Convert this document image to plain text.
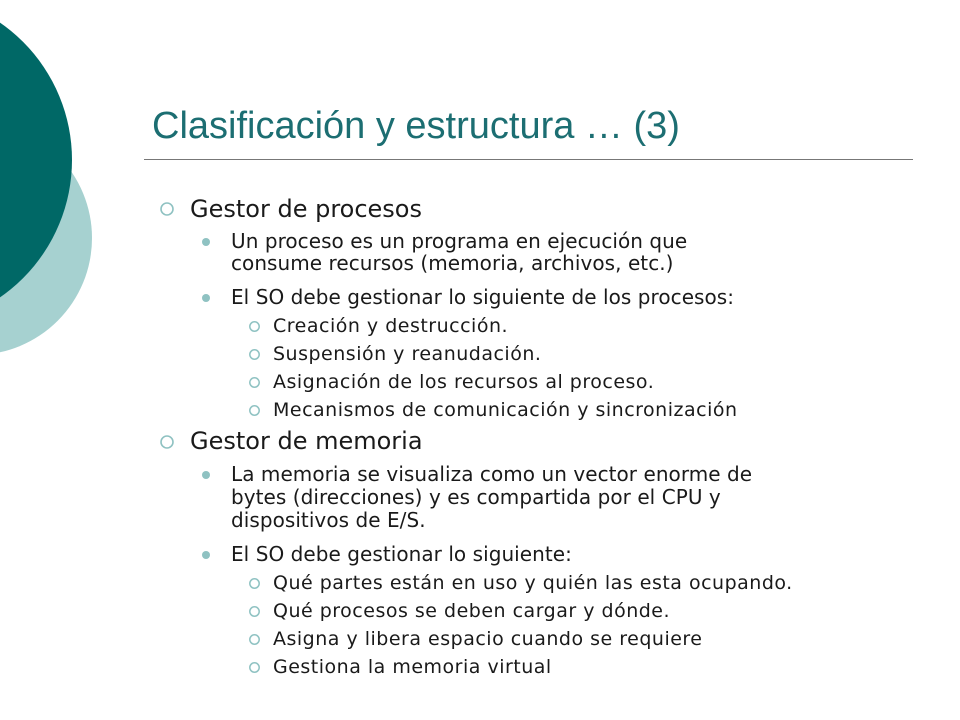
Clasificación y estructura … (3)
Gestor de procesos
Un proceso es un programa en ejecución que
consume recursos (memoria, archivos, etc.)
El SO debe gestionar lo siguiente de los procesos:
Creación y destrucción.
Suspensión y reanudación.
Asignación de los recursos al proceso.
Mecanismos de comunicación y sincronización
Gestor de memoria
La memoria se visualiza como un vector enorme de
bytes (direcciones) y es compartida por el CPU y
dispositivos de E/S.
El SO debe gestionar lo siguiente:
Qué partes están en uso y quién las esta ocupando.
Qué procesos se deben cargar y dónde.
Asigna y libera espacio cuando se requiere
Gestiona la memoria virtual
